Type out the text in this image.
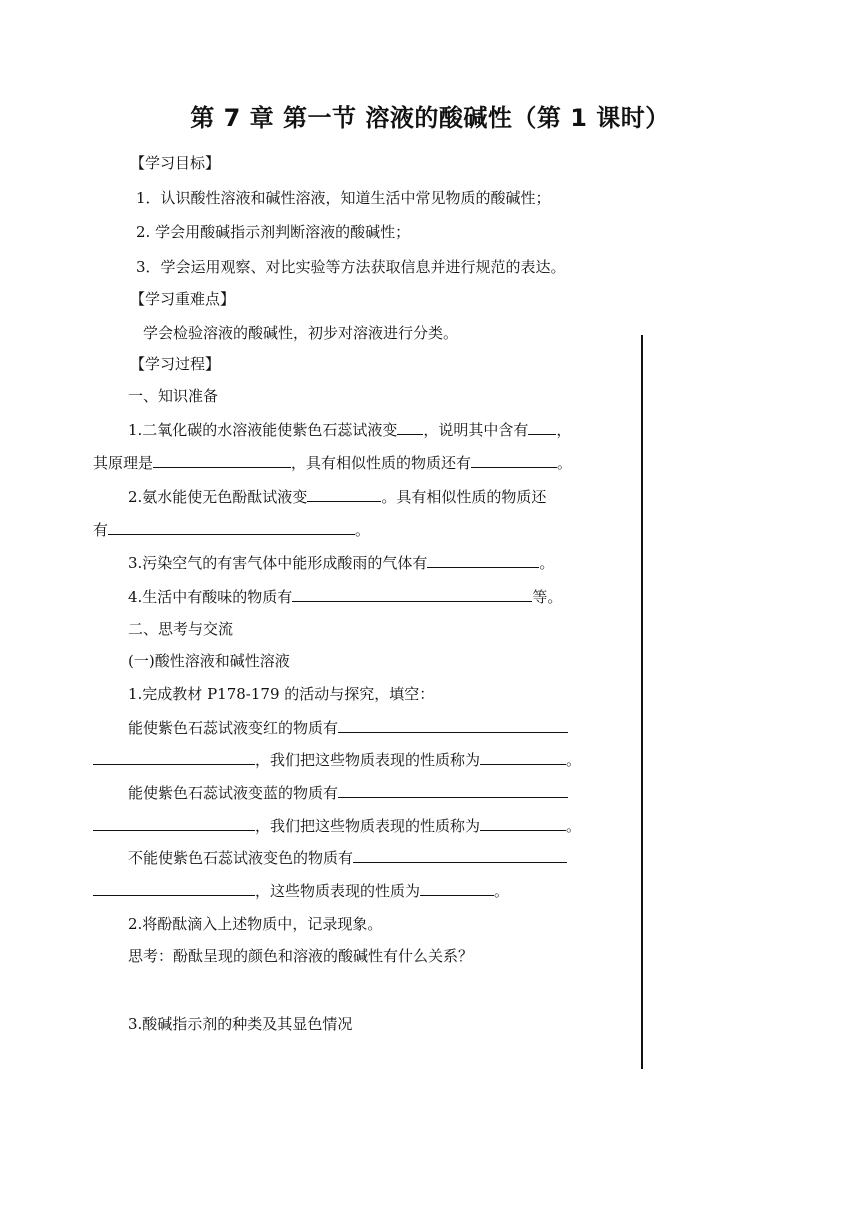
第 7 章 第一节 溶液的酸碱性（第 1 课时）
【学习目标】
1．认识酸性溶液和碱性溶液，知道生活中常见物质的酸碱性；
2. 学会用酸碱指示剂判断溶液的酸碱性；
3．学会运用观察、对比实验等方法获取信息并进行规范的表达。
【学习重难点】
学会检验溶液的酸碱性，初步对溶液进行分类。
【学习过程】
一、知识准备
1.二氧化碳的水溶液能使紫色石蕊试液变 ，说明其中含有 ，
其原理是	，具有相似性质的物质还有	。
2.氨水能使无色酚酞试液变	。具有相似性质的物质还
有	。
3.污染空气的有害气体中能形成酸雨的气体有	。
4.生活中有酸味的物质有	等。
二、思考与交流
(一)酸性溶液和碱性溶液
1.完成教材 P178-179 的活动与探究，填空：
能使紫色石蕊试液变红的物质有
，我们把这些物质表现的性质称为	。
能使紫色石蕊试液变蓝的物质有
，我们把这些物质表现的性质称为	。
不能使紫色石蕊试液变色的物质有
，这些物质表现的性质为	。
2.将酚酞滴入上述物质中，记录现象。
思考：酚酞呈现的颜色和溶液的酸碱性有什么关系？
3.酸碱指示剂的种类及其显色情况
